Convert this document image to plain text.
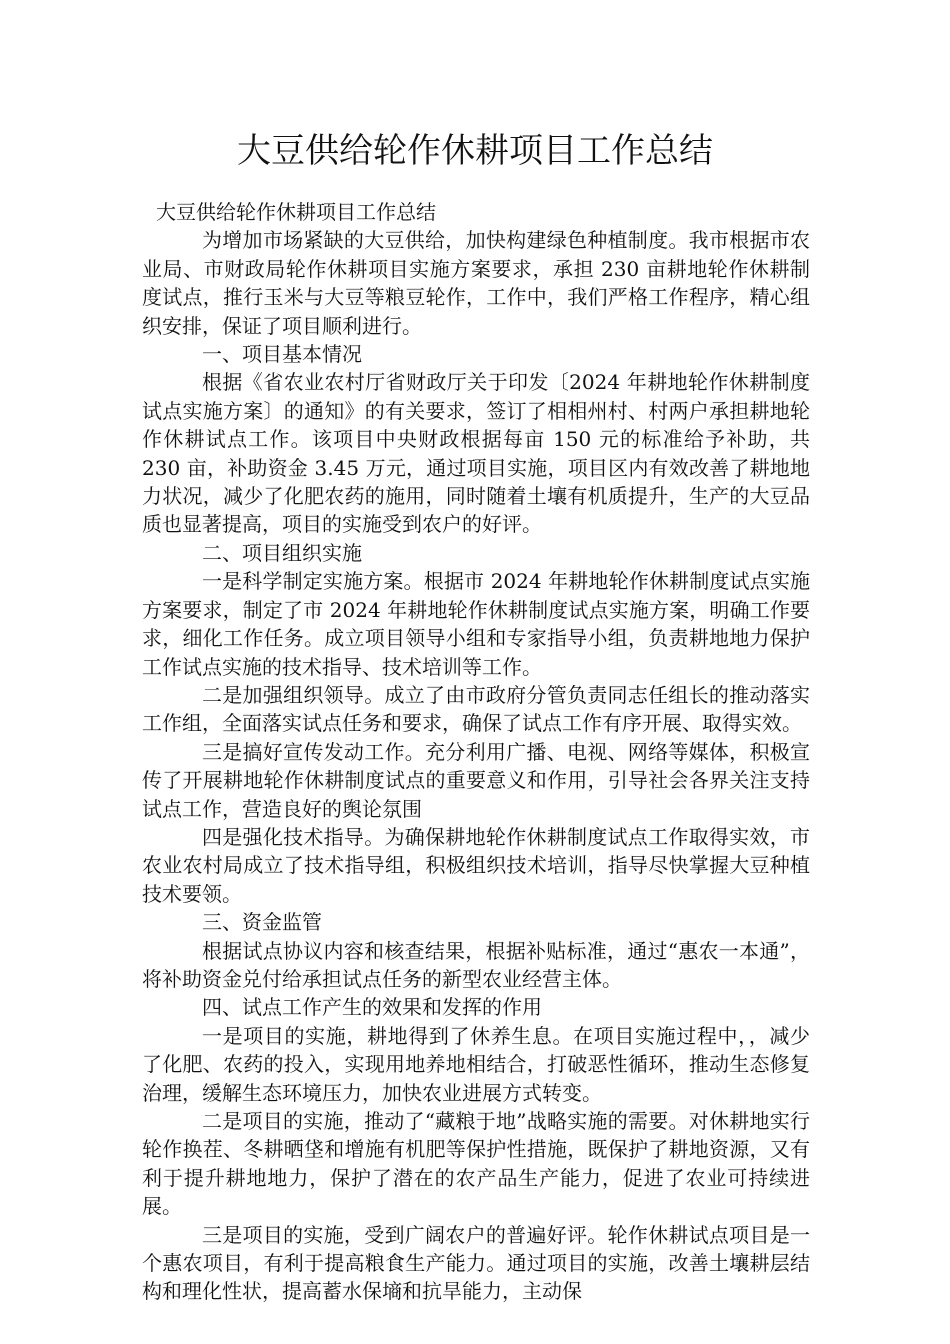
大豆供给轮作休耕项目工作总结

大豆供给轮作休耕项目工作总结

为增加市场紧缺的大豆供给，加快构建绿色种植制度。我市根据市农业局、市财政局轮作休耕项目实施方案要求，承担 230 亩耕地轮作休耕制度试点，推行玉米与大豆等粮豆轮作，工作中，我们严格工作程序，精心组织安排，保证了项目顺利进行。

一、项目基本情况

根据《省农业农村厅省财政厅关于印发〔2024 年耕地轮作休耕制度试点实施方案〕的通知》的有关要求，签订了相相州村、村两户承担耕地轮作休耕试点工作。该项目中央财政根据每亩 150 元的标准给予补助，共 230 亩，补助资金 3.45 万元，通过项目实施，项目区内有效改善了耕地地力状况，减少了化肥农药的施用，同时随着土壤有机质提升，生产的大豆品质也显著提高，项目的实施受到农户的好评。

二、项目组织实施

一是科学制定实施方案。根据市 2024 年耕地轮作休耕制度试点实施方案要求，制定了市 2024 年耕地轮作休耕制度试点实施方案，明确工作要求，细化工作任务。成立项目领导小组和专家指导小组，负责耕地地力保护工作试点实施的技术指导、技术培训等工作。

二是加强组织领导。成立了由市政府分管负责同志任组长的推动落实工作组，全面落实试点任务和要求，确保了试点工作有序开展、取得实效。

三是搞好宣传发动工作。充分利用广播、电视、网络等媒体，积极宣传了开展耕地轮作休耕制度试点的重要意义和作用，引导社会各界关注支持试点工作，营造良好的舆论氛围

四是强化技术指导。为确保耕地轮作休耕制度试点工作取得实效，市农业农村局成立了技术指导组，积极组织技术培训，指导尽快掌握大豆种植技术要领。

三、资金监管

根据试点协议内容和核查结果，根据补贴标准，通过“惠农一本通”，将补助资金兑付给承担试点任务的新型农业经营主体。

四、试点工作产生的效果和发挥的作用

一是项目的实施，耕地得到了休养生息。在项目实施过程中，，减少了化肥、农药的投入，实现用地养地相结合，打破恶性循环，推动生态修复治理，缓解生态环境压力，加快农业进展方式转变。

二是项目的实施，推动了“藏粮于地”战略实施的需要。对休耕地实行轮作换茬、冬耕晒垡和增施有机肥等保护性措施，既保护了耕地资源，又有利于提升耕地地力，保护了潜在的农产品生产能力，促进了农业可持续进展。

三是项目的实施，受到广阔农户的普遍好评。轮作休耕试点项目是一个惠农项目，有利于提高粮食生产能力。通过项目的实施，改善土壤耕层结构和理化性状，提高蓄水保墒和抗旱能力，主动保
